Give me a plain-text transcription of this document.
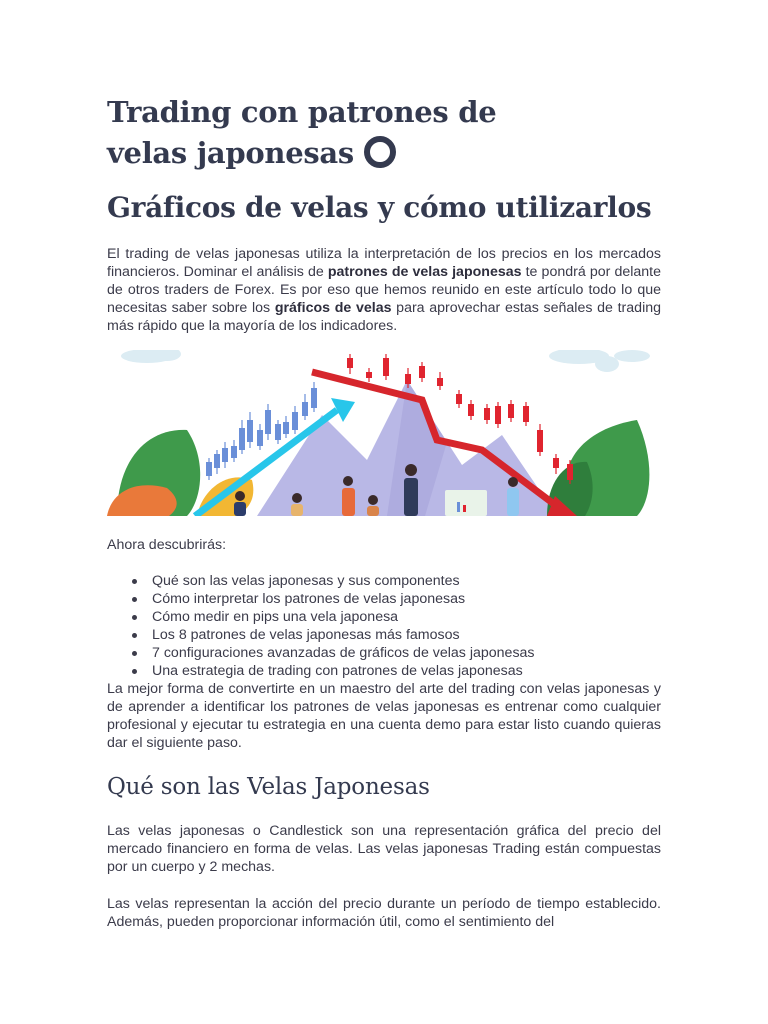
Trading con patrones de velas japonesas
Gráficos de velas y cómo utilizarlos

El trading de velas japonesas utiliza la interpretación de los precios en los mercados financieros. Dominar el análisis de patrones de velas japonesas te pondrá por delante de otros traders de Forex. Es por eso que hemos reunido en este artículo todo lo que necesitas saber sobre los gráficos de velas para aprovechar estas señales de trading más rápido que la mayoría de los indicadores.

Ahora descubrirás:

Qué son las velas japonesas y sus componentes
Cómo interpretar los patrones de velas japonesas
Cómo medir en pips una vela japonesa
Los 8 patrones de velas japonesas más famosos
7 configuraciones avanzadas de gráficos de velas japonesas
Una estrategia de trading con patrones de velas japonesas

La mejor forma de convertirte en un maestro del arte del trading con velas japonesas y de aprender a identificar los patrones de velas japonesas es entrenar como cualquier profesional y ejecutar tu estrategia en una cuenta demo para estar listo cuando quieras dar el siguiente paso.

Qué son las Velas Japonesas

Las velas japonesas o Candlestick son una representación gráfica del precio del mercado financiero en forma de velas. Las velas japonesas Trading están compuestas por un cuerpo y 2 mechas.

Las velas representan la acción del precio durante un período de tiempo establecido. Además, pueden proporcionar información útil, como el sentimiento del
